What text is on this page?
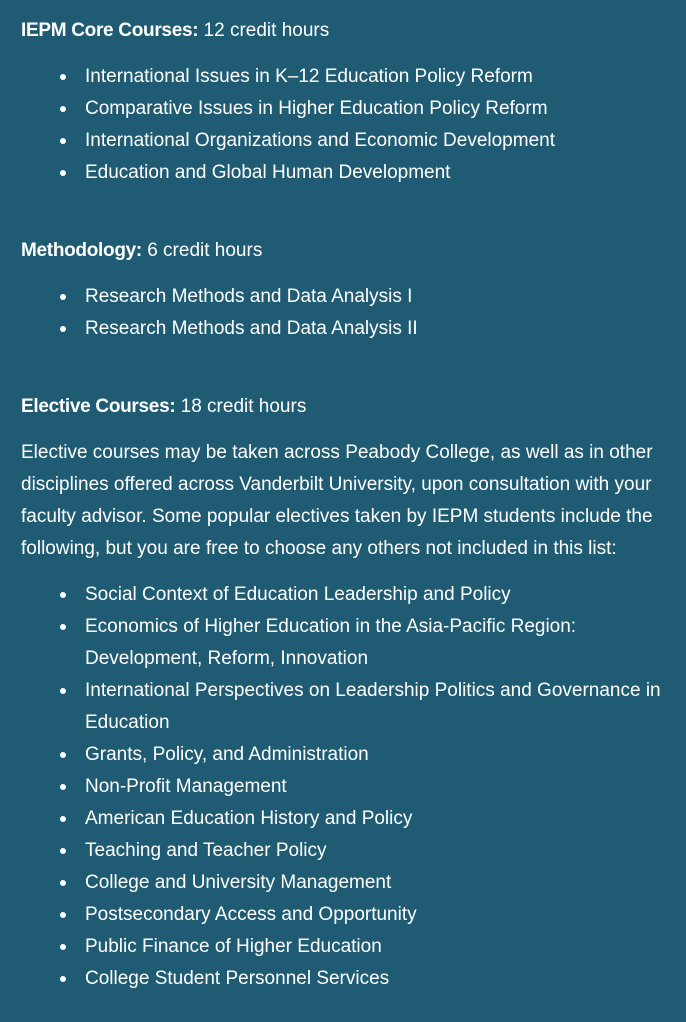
IEPM Core Courses: 12 credit hours

International Issues in K–12 Education Policy Reform
Comparative Issues in Higher Education Policy Reform
International Organizations and Economic Development
Education and Global Human Development

Methodology: 6 credit hours

Research Methods and Data Analysis I
Research Methods and Data Analysis II

Elective Courses: 18 credit hours

Elective courses may be taken across Peabody College, as well as in other disciplines offered across Vanderbilt University, upon consultation with your faculty advisor. Some popular electives taken by IEPM students include the following, but you are free to choose any others not included in this list:

Social Context of Education Leadership and Policy
Economics of Higher Education in the Asia-Pacific Region: Development, Reform, Innovation
International Perspectives on Leadership Politics and Governance in Education
Grants, Policy, and Administration
Non-Profit Management
American Education History and Policy
Teaching and Teacher Policy
College and University Management
Postsecondary Access and Opportunity
Public Finance of Higher Education
College Student Personnel Services
